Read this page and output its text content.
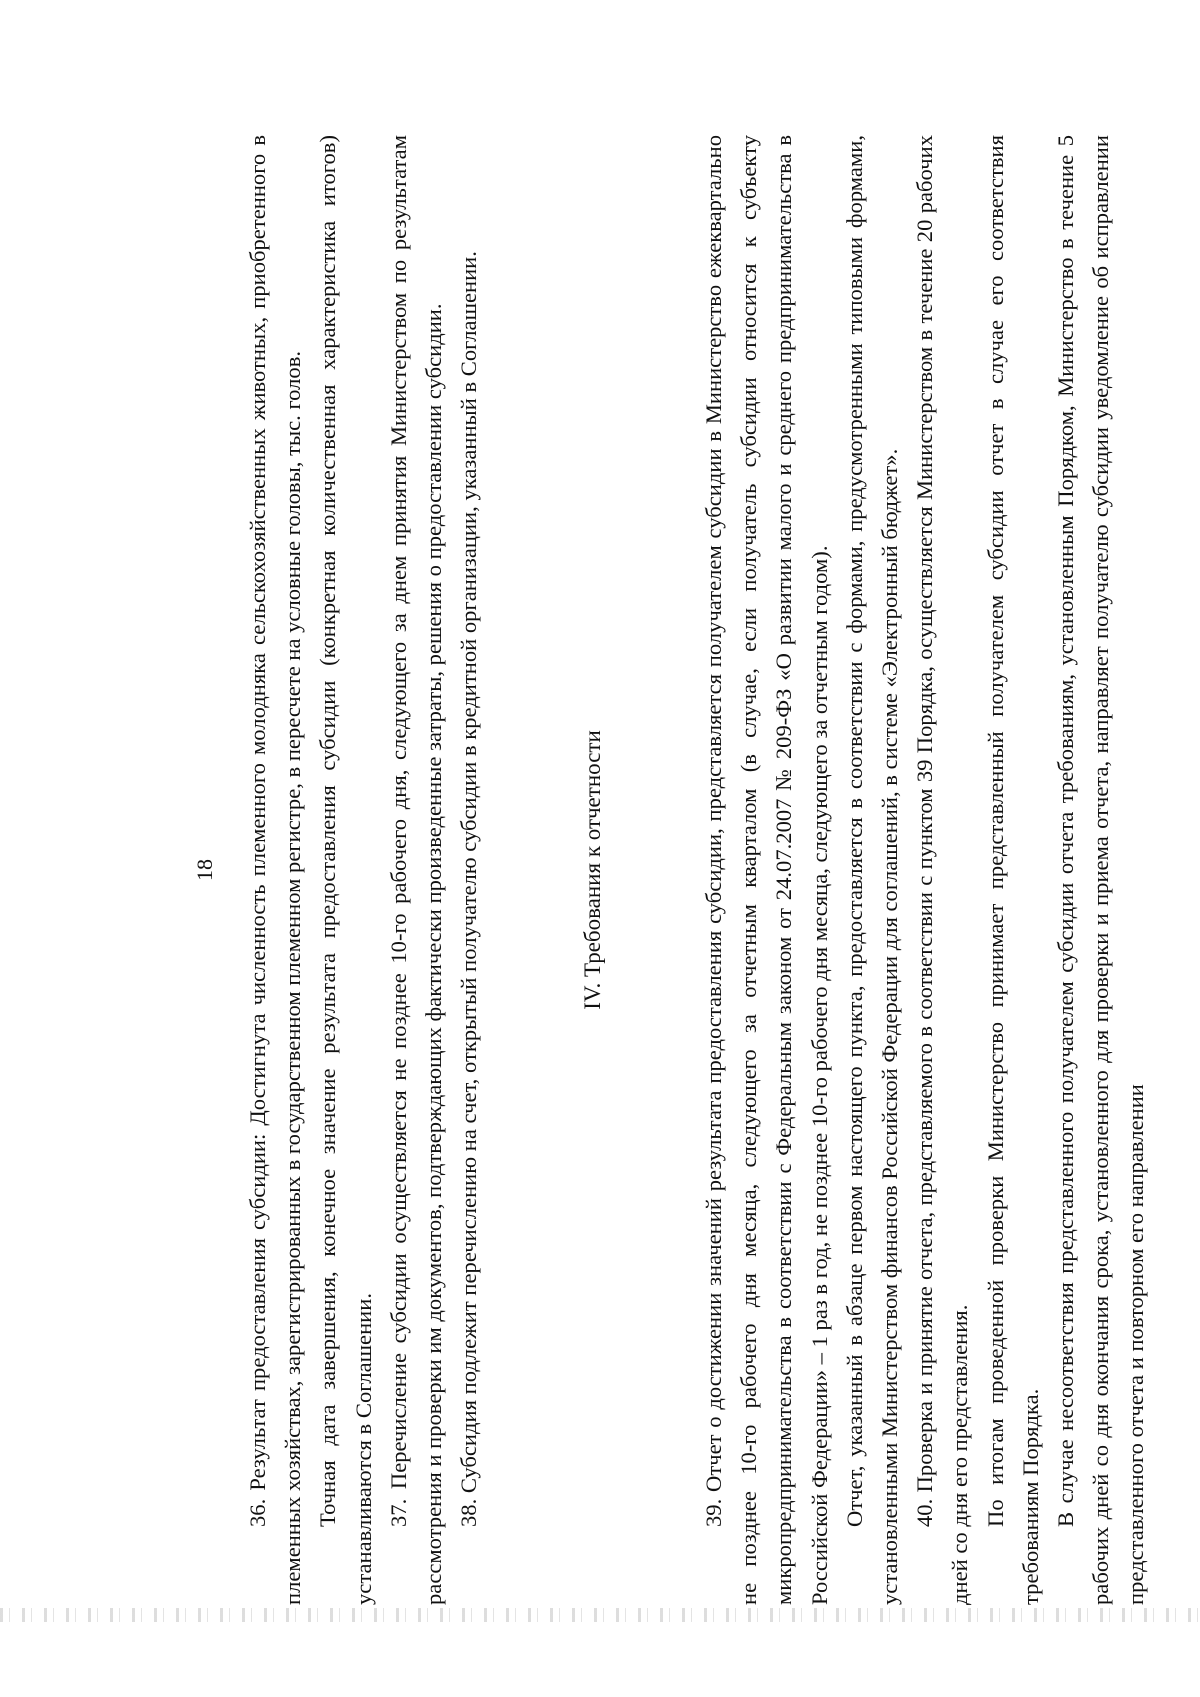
18	36. Результат предоставления субсидии: Достигнута численность племенного молодняка сельскохозяйственных животных, приобретенного в племенных хозяйствах, зарегистрированных в государственном племенном регистре, в пересчете на условные головы, тыс. голов. Точная дата завершения, конечное значение результата предоставления субсидии (конкретная количественная характеристика итогов) устанавливаются в Соглашении. 37. Перечисление субсидии осуществляется не позднее 10-го рабочего дня, следующего за днем принятия Министерством по результатам рассмотрения и проверки им документов, подтверждающих фактически произведенные затраты, решения о предоставлении субсидии. 38. Субсидия подлежит перечислению на счет, открытый получателю субсидии в кредитной организации, указанный в Соглашении.	IV. Требования к отчетности	39. Отчет о достижении значений результата предоставления субсидии, представляется получателем субсидии в Министерство ежеквартально не позднее 10-го рабочего дня месяца, следующего за отчетным кварталом (в случае, если получатель субсидии относится к субъекту микропредпринимательства в соответствии с Федеральным законом от 24.07.2007 № 209-ФЗ «О развитии малого и среднего предпринимательства в Российской Федерации» – 1 раз в год, не позднее 10-го рабочего дня месяца, следующего за отчетным годом). Отчет, указанный в абзаце первом настоящего пункта, предоставляется в соответствии с формами, предусмотренными типовыми формами, установленными Министерством финансов Российской Федерации для соглашений, в системе «Электронный бюджет». 40. Проверка и принятие отчета, представляемого в соответствии с пунктом 39 Порядка, осуществляется Министерством в течение 20 рабочих дней со дня его представления. По итогам проведенной проверки Министерство принимает представленный получателем субсидии отчет в случае его соответствия требованиям Порядка. В случае несоответствия представленного получателем субсидии отчета требованиям, установленным Порядком, Министерство в течение 5 рабочих дней со дня окончания срока, установленного для проверки и приема отчета, направляет получателю субсидии уведомление об исправлении представленного отчета и повторном его направлении
